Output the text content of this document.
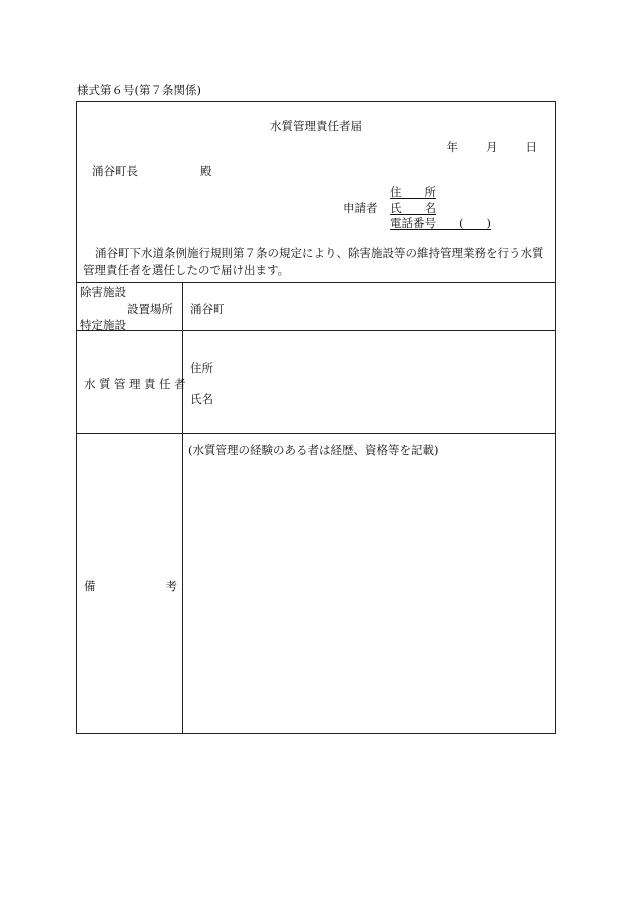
様式第６号(第７条関係)
水質管理責任者届
年 月 日
涌谷町長	殿
申請者
住　　所
氏　　名
電話番号　　(　　)
涌谷町下水道条例施行規則第７条の規定により、除害施設等の維持管理業務を行う水質管理責任者を選任したので届け出ます。
除害施設
設置場所
特定施設
涌谷町
水質管理責任者
住所
氏名
備	考
(水質管理の経験のある者は経歴、資格等を記載)
